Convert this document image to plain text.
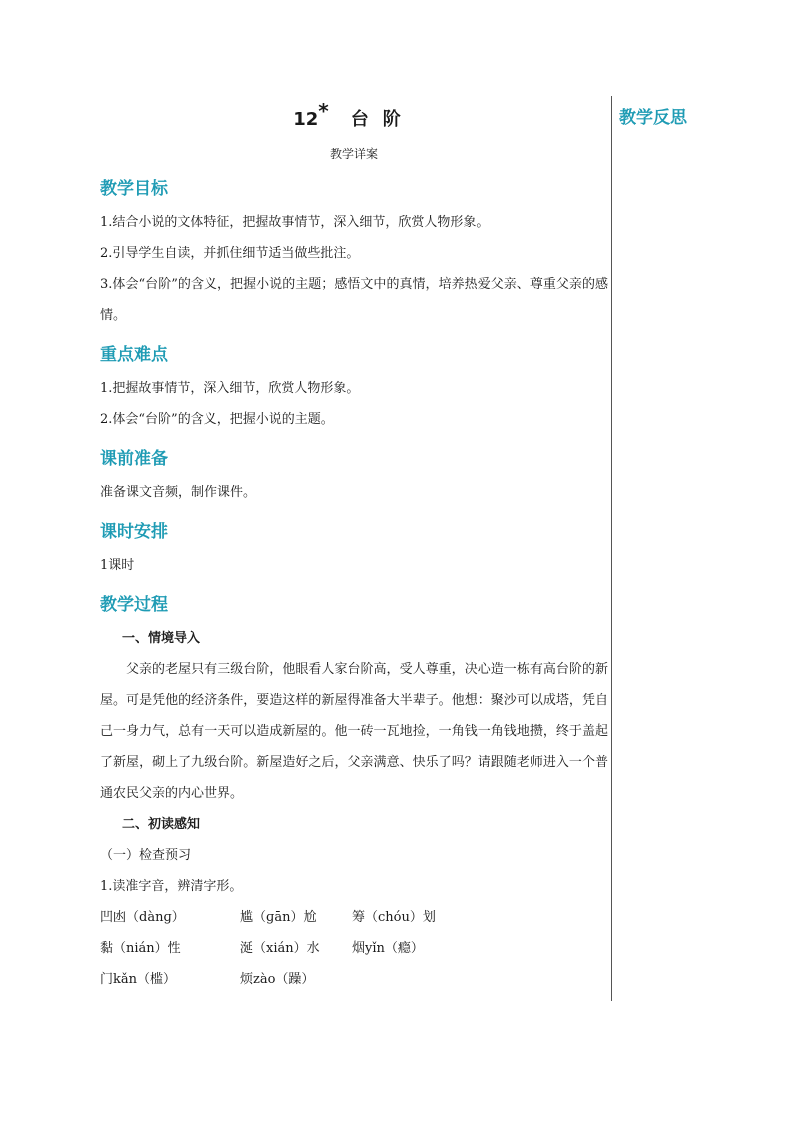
教学反思
12* 台阶
教学详案
教学目标

1.结合小说的文体特征，把握故事情节，深入细节，欣赏人物形象。

2.引导学生自读，并抓住细节适当做些批注。

3.体会“台阶”的含义，把握小说的主题；感悟文中的真情，培养热爱父亲、尊重父亲的感情。

重点难点

1.把握故事情节，深入细节，欣赏人物形象。

2.体会“台阶”的含义，把握小说的主题。

课前准备

准备课文音频，制作课件。

课时安排

1课时

教学过程
一、情境导入

父亲的老屋只有三级台阶，他眼看人家台阶高，受人尊重，决心造一栋有高台阶的新屋。可是凭他的经济条件，要造这样的新屋得准备大半辈子。他想：聚沙可以成塔，凭自己一身力气，总有一天可以造成新屋的。他一砖一瓦地捡，一角钱一角钱地攒，终于盖起了新屋，砌上了九级台阶。新屋造好之后，父亲满意、快乐了吗？请跟随老师进入一个普通农民父亲的内心世界。

二、初读感知

（一）检查预习

1.读准字音，辨清字形。

凹凼（dànɡ）	尴（ɡān）尬	筹（chóu）划
黏（nián）性	涎（xián）水	烟yǐn（瘾）
门kǎn（槛）	烦zào（躁）
